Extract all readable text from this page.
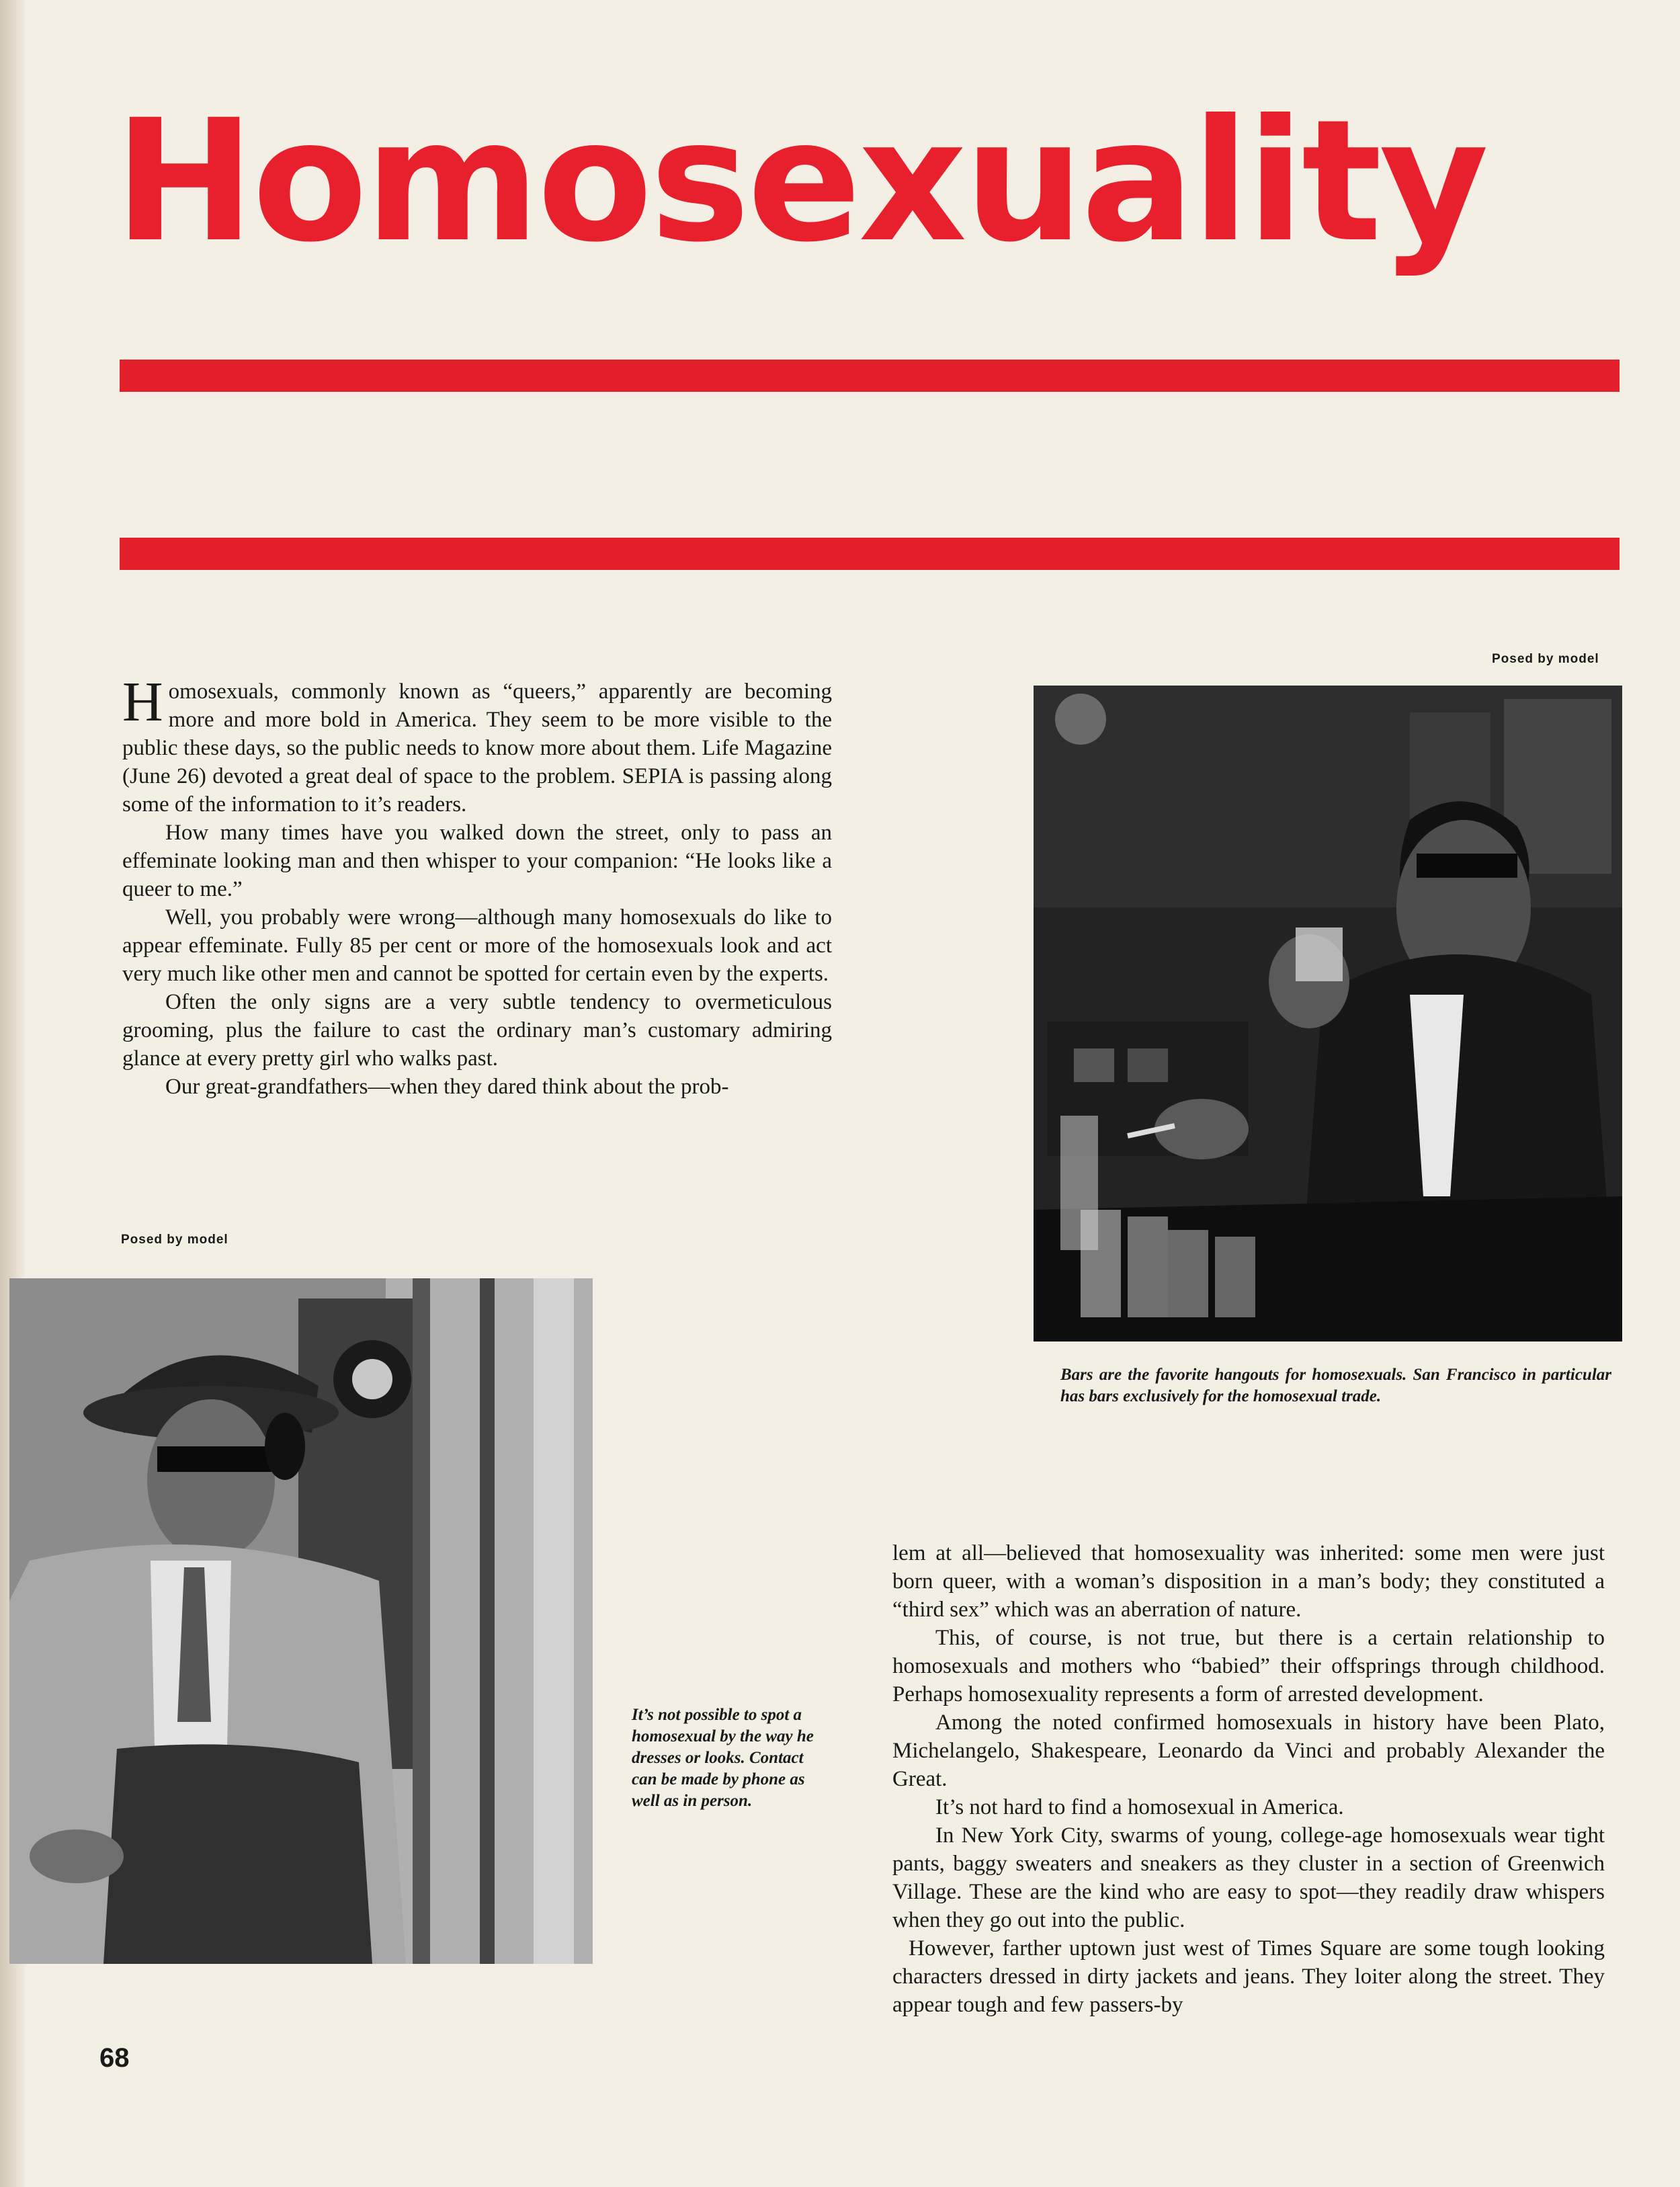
Homosexuality
Posed by model

Homosexuals, commonly known as “queers,” apparently are becoming more and more bold in America. They seem to be more visible to the public these days, so the public needs to know more about them. Life Magazine (June 26) devoted a great deal of space to the problem. SEPIA is passing along some of the information to it’s readers.

How many times have you walked down the street, only to pass an effeminate looking man and then whisper to your companion: “He looks like a queer to me.”

Well, you probably were wrong—although many homosexuals do like to appear effeminate. Fully 85 per cent or more of the homosexuals look and act very much like other men and cannot be spotted for certain even by the experts.

Often the only signs are a very subtle tendency to overmeticulous grooming, plus the failure to cast the ordinary man’s customary admiring glance at every pretty girl who walks past.

Our great-grandfathers—when they dared think about the prob-

Bars are the favorite hangouts for homosexuals. San Francisco in particular has bars exclusively for the homosexual trade.
Posed by model
It’s not possible to spot a homosexual by the way he dresses or looks. Contact can be made by phone as well as in person.

lem at all—believed that homosexuality was inherited: some men were just born queer, with a woman’s disposition in a man’s body; they constituted a “third sex” which was an aberration of nature.

This, of course, is not true, but there is a certain relationship to homosexuals and mothers who “babied” their offsprings through childhood. Perhaps homosexuality represents a form of arrested development.

Among the noted confirmed homosexuals in history have been Plato, Michelangelo, Shakespeare, Leonardo da Vinci and probably Alexander the Great.

It’s not hard to find a homosexual in America.

In New York City, swarms of young, college-age homosexuals wear tight pants, baggy sweaters and sneakers as they cluster in a section of Greenwich Village. These are the kind who are easy to spot—they readily draw whispers when they go out into the public.

However, farther uptown just west of Times Square are some tough looking characters dressed in dirty jackets and jeans. They loiter along the street. They appear tough and few passers-by

68
